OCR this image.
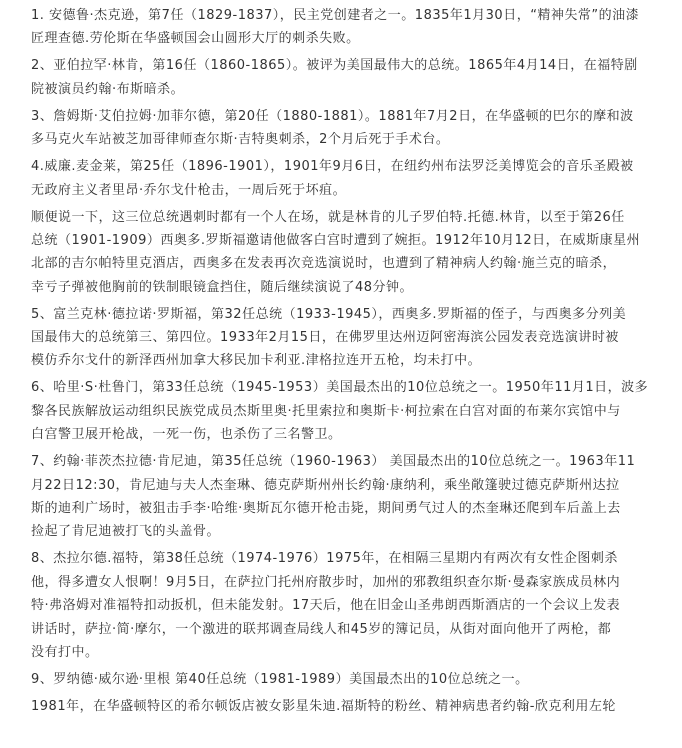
1. 安德鲁·杰克逊，第7任（1829-1837），民主党创建者之一。1835年1月30日，“精神失常”的油漆
匠理查德.劳伦斯在华盛顿国会山圆形大厅的刺杀失败。
2、亚伯拉罕·林肯，第16任（1860-1865）。被评为美国最伟大的总统。1865年4月14日，在福特剧
院被演员约翰·布斯暗杀。
3、詹姆斯·艾伯拉姆·加菲尔德，第20任（1880-1881）。1881年7月2日，在华盛顿的巴尔的摩和波
多马克火车站被芝加哥律师查尔斯·吉特奥刺杀，2个月后死于手术台。
4.威廉.麦金莱，第25任（1896-1901），1901年9月6日，在纽约州布法罗泛美博览会的音乐圣殿被
无政府主义者里昂·乔尔戈什枪击，一周后死于坏疽。
顺便说一下，这三位总统遇刺时都有一个人在场，就是林肯的儿子罗伯特.托德.林肯，以至于第26任
总统（1901-1909）西奥多.罗斯福邀请他做客白宫时遭到了婉拒。1912年10月12日，在威斯康星州
北部的吉尔帕特里克酒店，西奥多在发表再次竞选演说时，也遭到了精神病人约翰·施兰克的暗杀，
幸亏子弹被他胸前的铁制眼镜盒挡住，随后继续演说了48分钟。
5、富兰克林·德拉诺·罗斯福，第32任总统（1933-1945），西奥多.罗斯福的侄子，与西奥多分列美
国最伟大的总统第三、第四位。1933年2月15日，在佛罗里达州迈阿密海滨公园发表竞选演讲时被
模仿乔尔戈什的新泽西州加拿大移民加卡利亚.津格拉连开五枪，均未打中。
6、哈里·S·杜鲁门，第33任总统（1945-1953）美国最杰出的10位总统之一。1950年11月1日，波多
黎各民族解放运动组织民族党成员杰斯里奥·托里索拉和奥斯卡·柯拉索在白宫对面的布莱尔宾馆中与
白宫警卫展开枪战，一死一伤，也杀伤了三名警卫。
7、约翰·菲茨杰拉德·肯尼迪，第35任总统（1960-1963） 美国最杰出的10位总统之一。1963年11
月22日12:30，肯尼迪与夫人杰奎琳、德克萨斯州州长约翰·康纳利，乘坐敞篷驶过德克萨斯州达拉
斯的迪利广场时，被狙击手李·哈维·奥斯瓦尔德开枪击毙，期间勇气过人的杰奎琳还爬到车后盖上去
捡起了肯尼迪被打飞的头盖骨。
8、杰拉尔德.福特，第38任总统（1974-1976）1975年，在相隔三星期内有两次有女性企图刺杀
他，得多遭女人恨啊！9月5日，在萨拉门托州府散步时，加州的邪教组织查尔斯·曼森家族成员林内
特·弗洛姆对准福特扣动扳机，但未能发射。17天后，他在旧金山圣弗朗西斯酒店的一个会议上发表
讲话时，萨拉·简·摩尔，一个激进的联邦调查局线人和45岁的簿记员，从街对面向他开了两枪，都
没有打中。
9、罗纳德·威尔逊·里根 第40任总统（1981-1989）美国最杰出的10位总统之一。
1981年，在华盛顿特区的希尔顿饭店被女影星朱迪.福斯特的粉丝、精神病患者约翰-欣克利用左轮
